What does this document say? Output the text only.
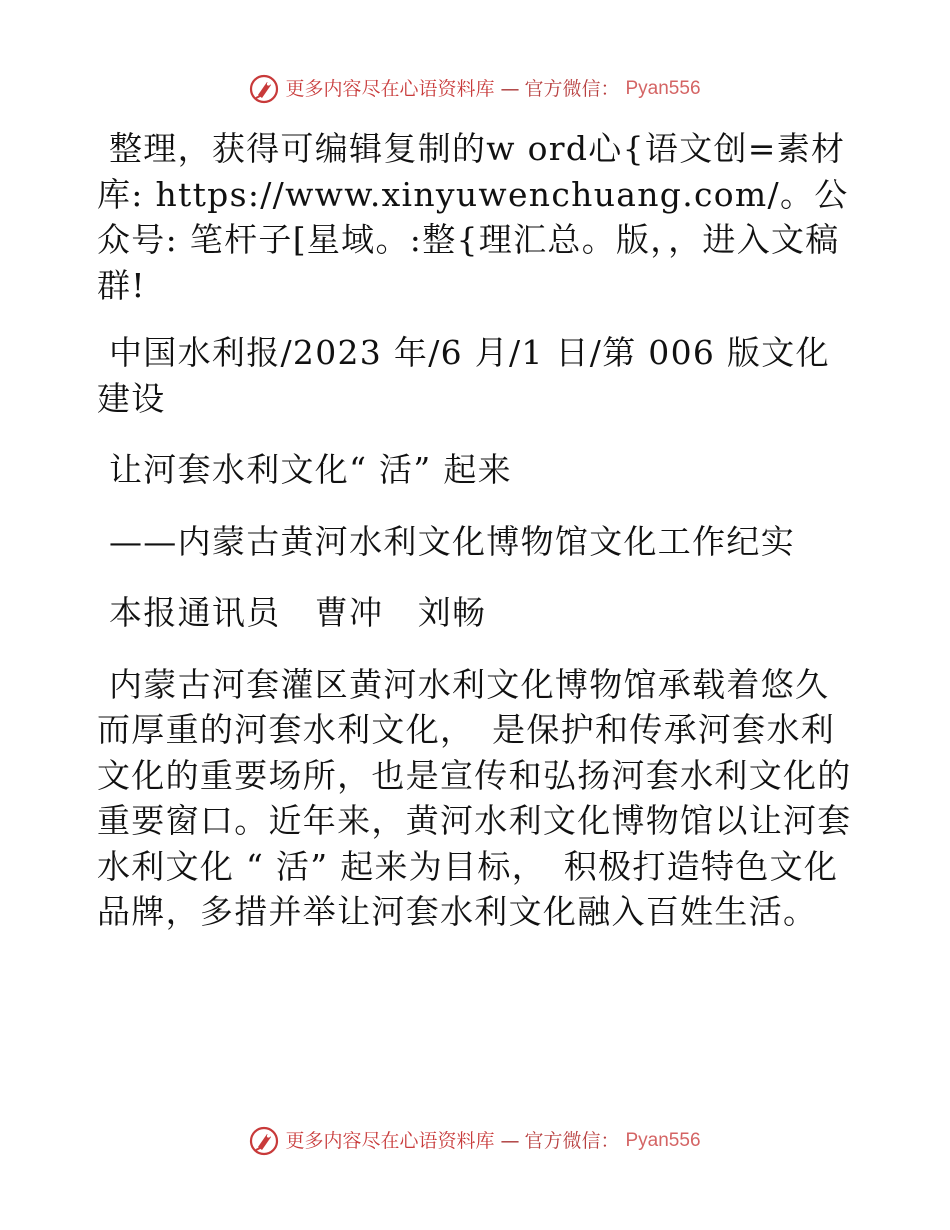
更多内容尽在心语资料库 — 官方微信： Pyan556

整理，获得可编辑复制的w ord心{语文创=素材库: https://www.xinyuwenchuang.com/。公众号: 笔杆子[星域。:整{理汇总。版，，进入文稿群!

中国水利报/2023 年/6 月/1 日/第 006 版文化建设

让河套水利文化“ 活” 起来

——内蒙古黄河水利文化博物馆文化工作纪实

本报通讯员　曹冲　刘畅

内蒙古河套灌区黄河水利文化博物馆承载着悠久而厚重的河套水利文化，　是保护和传承河套水利文化的重要场所，也是宣传和弘扬河套水利文化的重要窗口。近年来，黄河水利文化博物馆以让河套水利文化 “ 活” 起来为目标，　积极打造特色文化品牌，多措并举让河套水利文化融入百姓生活。

更多内容尽在心语资料库 — 官方微信： Pyan556
